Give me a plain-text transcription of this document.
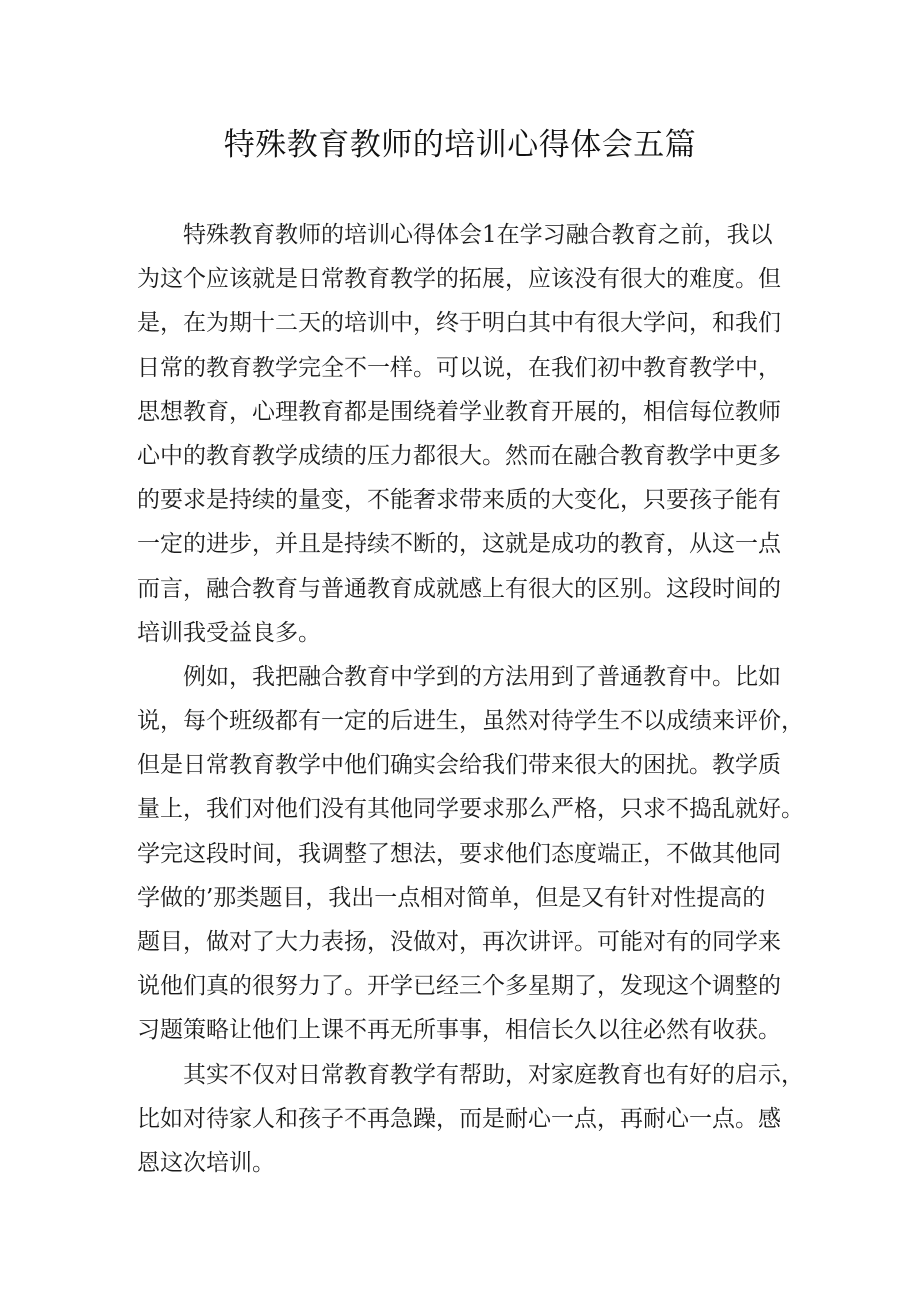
特殊教育教师的培训心得体会五篇
特殊教育教师的培训心得体会1在学习融合教育之前，我以
为这个应该就是日常教育教学的拓展，应该没有很大的难度。但
是，在为期十二天的培训中，终于明白其中有很大学问，和我们
日常的教育教学完全不一样。可以说，在我们初中教育教学中，
思想教育，心理教育都是围绕着学业教育开展的，相信每位教师
心中的教育教学成绩的压力都很大。然而在融合教育教学中更多
的要求是持续的量变，不能奢求带来质的大变化，只要孩子能有
一定的进步，并且是持续不断的，这就是成功的教育，从这一点
而言，融合教育与普通教育成就感上有很大的区别。这段时间的
培训我受益良多。
例如，我把融合教育中学到的方法用到了普通教育中。比如
说，每个班级都有一定的后进生，虽然对待学生不以成绩来评价，
但是日常教育教学中他们确实会给我们带来很大的困扰。教学质
量上，我们对他们没有其他同学要求那么严格，只求不捣乱就好。
学完这段时间，我调整了想法，要求他们态度端正，不做其他同
学做的’那类题目，我出一点相对简单，但是又有针对性提高的
题目，做对了大力表扬，没做对，再次讲评。可能对有的同学来
说他们真的很努力了。开学已经三个多星期了，发现这个调整的
习题策略让他们上课不再无所事事，相信长久以往必然有收获。
其实不仅对日常教育教学有帮助，对家庭教育也有好的启示，
比如对待家人和孩子不再急躁，而是耐心一点，再耐心一点。感
恩这次培训。
